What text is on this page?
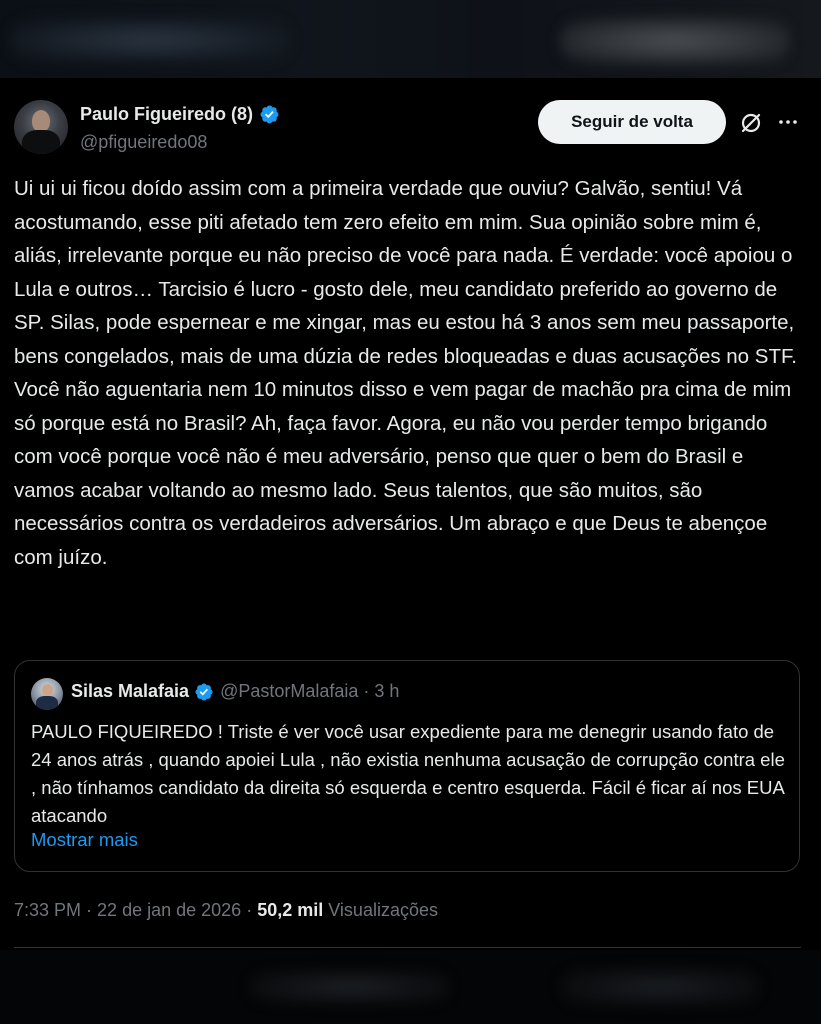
Paulo Figueiredo (8)
@pfigueiredo08
Seguir de volta

Ui ui ui ficou doído assim com a primeira verdade que ouviu? Galvão, sentiu! Vá acostumando, esse piti afetado tem zero efeito em mim. Sua opinião sobre mim é, aliás, irrelevante porque eu não preciso de você para nada. É verdade: você apoiou o Lula e outros… Tarcisio é lucro - gosto dele, meu candidato preferido ao governo de SP. Silas, pode espernear e me xingar, mas eu estou há 3 anos sem meu passaporte, bens congelados, mais de uma dúzia de redes bloqueadas e duas acusações no STF. Você não aguentaria nem 10 minutos disso e vem pagar de machão pra cima de mim só porque está no Brasil? Ah, faça favor. Agora, eu não vou perder tempo brigando com você porque você não é meu adversário, penso que quer o bem do Brasil e vamos acabar voltando ao mesmo lado. Seus talentos, que são muitos, são necessários contra os verdadeiros adversários. Um abraço e que Deus te abençoe com juízo.

Silas Malafaia @PastorMalafaia · 3 h

PAULO FIQUEIREDO ! Triste é ver você usar expediente para me denegrir usando fato de 24 anos atrás , quando apoiei Lula , não existia nenhuma acusação de corrupção contra ele , não tínhamos candidato da direita só esquerda e centro esquerda. Fácil é ficar aí nos EUA atacando

Mostrar mais
7:33 PM · 22 de jan de 2026 · 50,2 mil Visualizações
